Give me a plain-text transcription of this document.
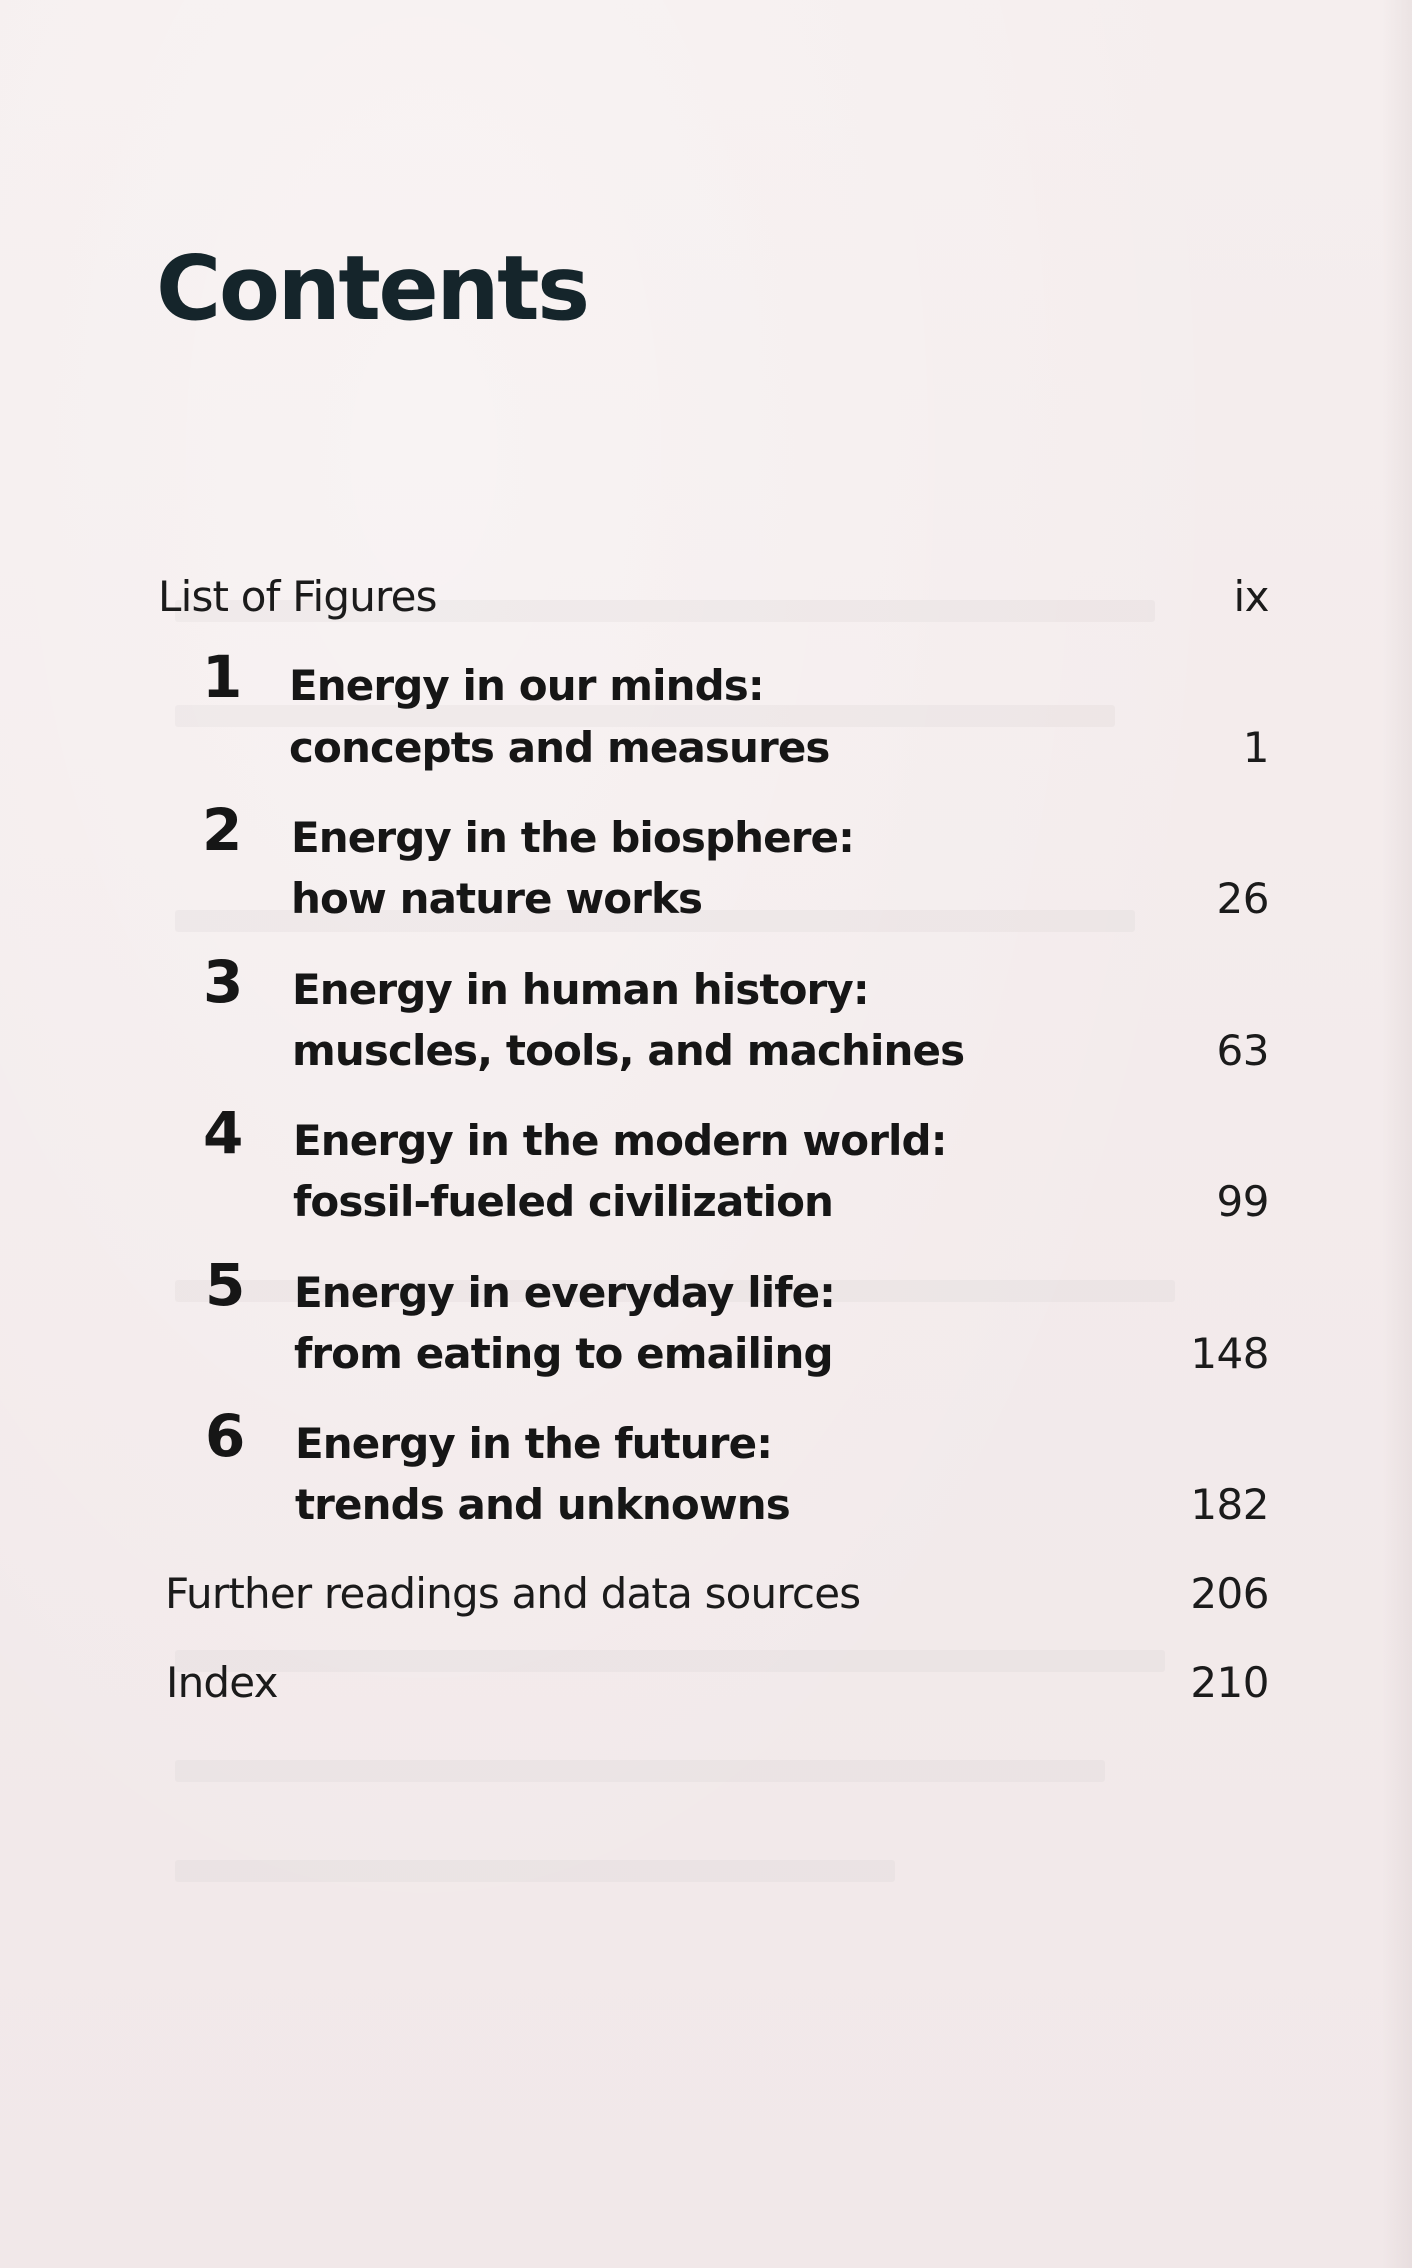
Contents
List of Figures	ix
1 Energy in our minds:
concepts and measures	1
2 Energy in the biosphere:
how nature works	26
3 Energy in human history:
muscles, tools, and machines	63
4 Energy in the modern world:
fossil-fueled civilization	99
5 Energy in everyday life:
from eating to emailing	148
6 Energy in the future:
trends and unknowns	182
Further readings and data sources	206
Index	210
